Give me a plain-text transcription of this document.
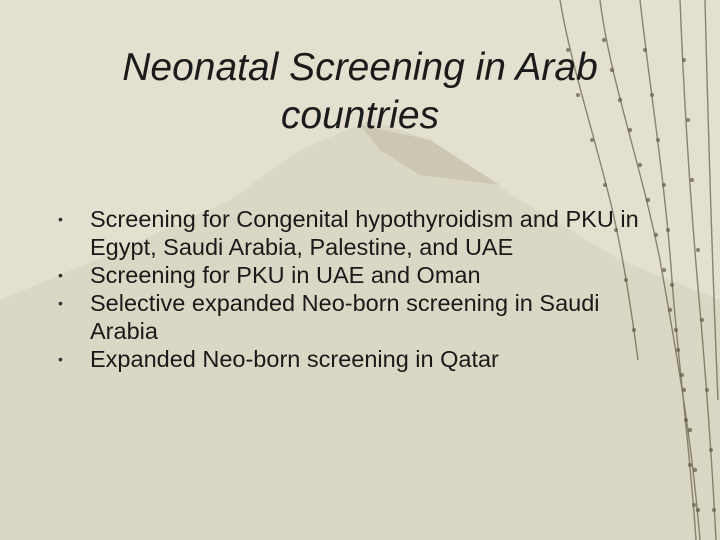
Neonatal Screening in Arab
countries
• Screening for Congenital hypothyroidism and PKU in Egypt, Saudi Arabia, Palestine, and UAE
• Screening for PKU in UAE and Oman
• Selective expanded Neo-born screening in Saudi Arabia
• Expanded Neo-born screening in Qatar
